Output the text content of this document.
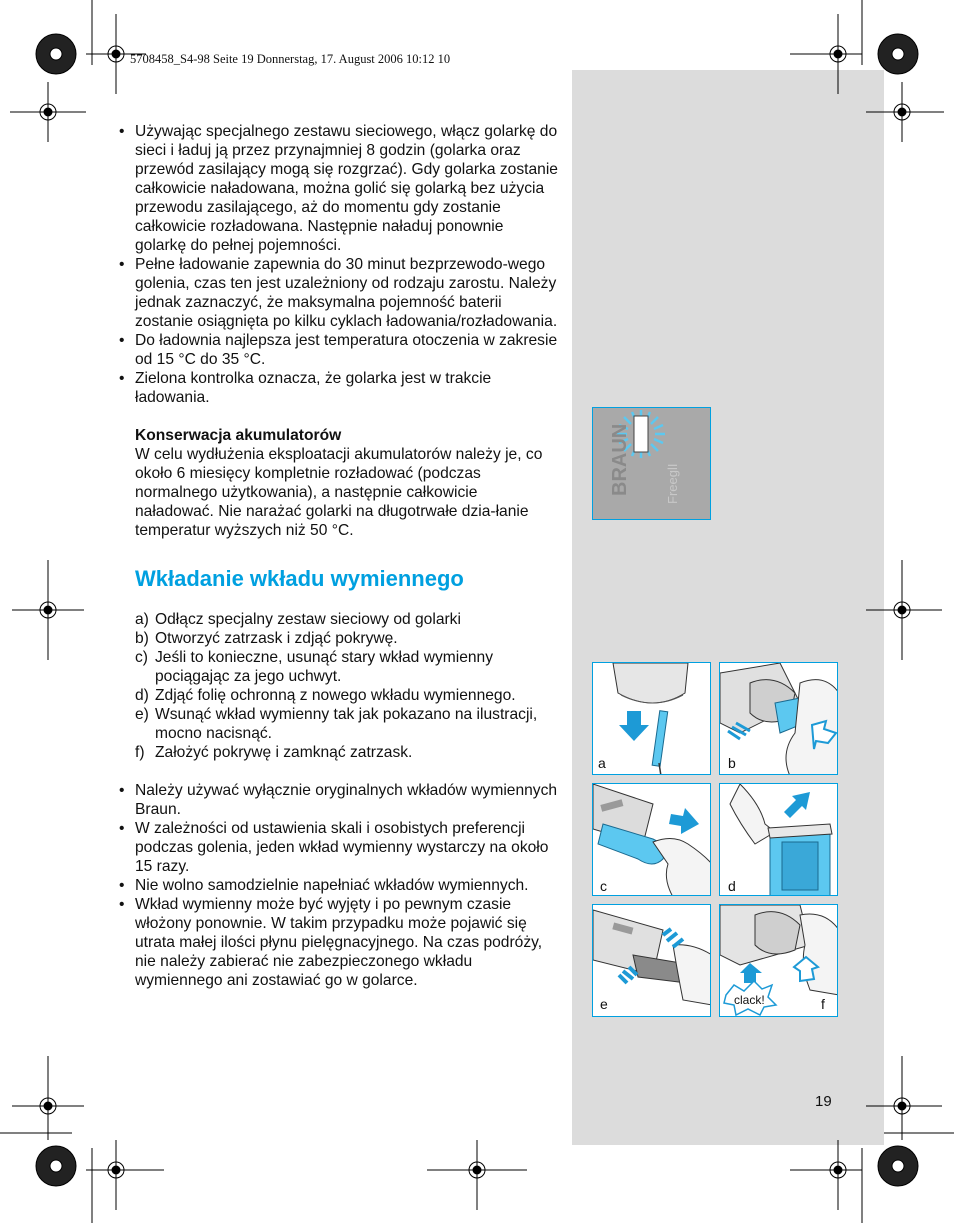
5708458_S4-98 Seite 19 Donnerstag, 17. August 2006 10:12 10
• Używając specjalnego zestawu sieciowego, włącz golarkę do sieci i ładuj ją przez przynajmniej 8 godzin (golarka oraz przewód zasilający mogą się rozgrzać). Gdy golarka zostanie całkowicie naładowana, można golić się golarką bez użycia przewodu zasilającego, aż do momentu gdy zostanie całkowicie rozładowana. Następnie naładuj ponownie golarkę do pełnej pojemności.
• Pełne ładowanie zapewnia do 30 minut bezprzewodo-wego golenia, czas ten jest uzależniony od rodzaju zarostu. Należy jednak zaznaczyć, że maksymalna pojemność baterii zostanie osiągnięta po kilku cyklach ładowania/rozładowania.
• Do ładownia najlepsza jest temperatura otoczenia w zakresie od 15 °C do 35 °C.
• Zielona kontrolka oznacza, że golarka jest w trakcie ładowania.
Konserwacja akumulatorów
W celu wydłużenia eksploatacji akumulatorów należy je, co około 6 miesięcy kompletnie rozładować (podczas normalnego użytkowania), a następnie całkowicie naładować. Nie narażać golarki na długotrwałe dzia-łanie temperatur wyższych niż 50 °C.
Wkładanie wkładu wymiennego
a) Odłącz specjalny zestaw sieciowy od golarki
b) Otworzyć zatrzask i zdjąć pokrywę.
c) Jeśli to konieczne, usunąć stary wkład wymienny pociągając za jego uchwyt.
d) Zdjąć folię ochronną z nowego wkładu wymiennego.
e) Wsunąć wkład wymienny tak jak pokazano na ilustracji, mocno nacisnąć.
f) Założyć pokrywę i zamknąć zatrzask.
• Należy używać wyłącznie oryginalnych wkładów wymiennych Braun.
• W zależności od ustawienia skali i osobistych preferencji podczas golenia, jeden wkład wymienny wystarczy na około 15 razy.
• Nie wolno samodzielnie napełniać wkładów wymiennych.
• Wkład wymienny może być wyjęty i po pewnym czasie włożony ponownie. W takim przypadku może pojawić się utrata małej ilości płynu pielęgnacyjnego. Na czas podróży, nie należy zabierać nie zabezpieczonego wkładu wymiennego ani zostawiać go w golarce.
BRAUN	FreeglI
a	b
c	d
e	clack!	f
19
